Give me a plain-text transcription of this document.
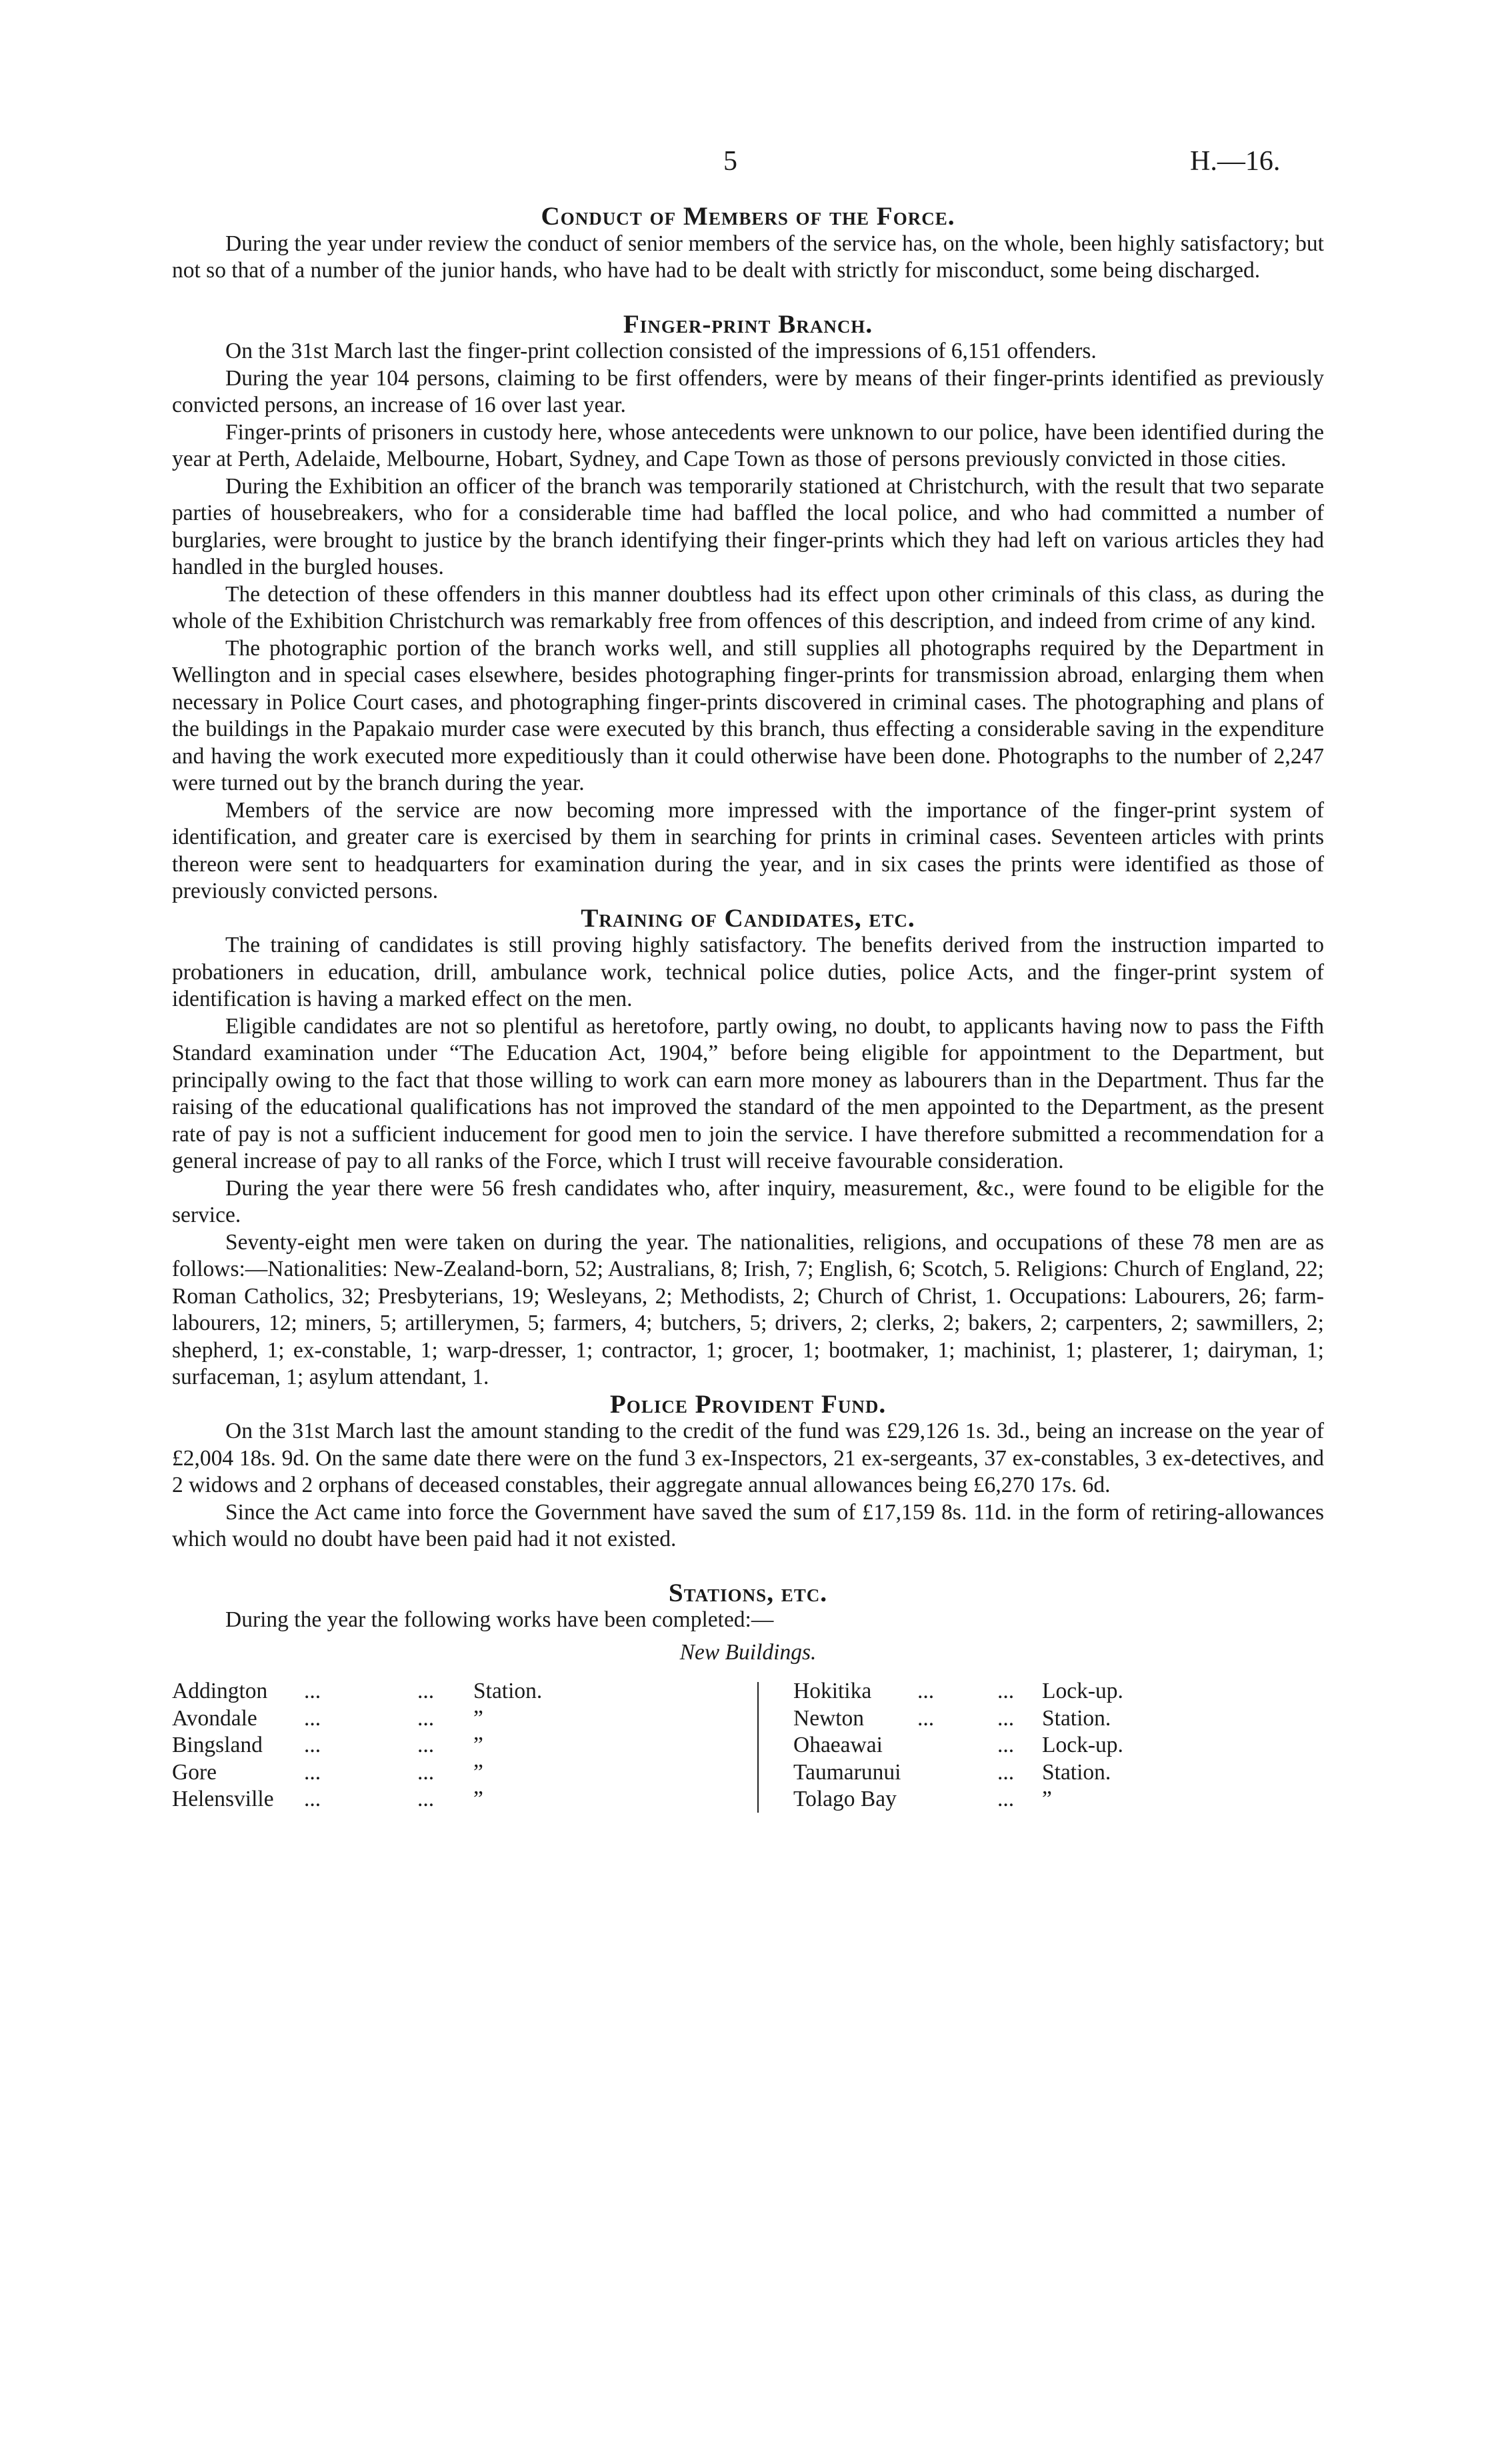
5	H.—16.
Conduct of Members of the Force.

During the year under review the conduct of senior members of the service has, on the whole, been highly satisfactory; but not so that of a number of the junior hands, who have had to be dealt with strictly for misconduct, some being discharged.

Finger-print Branch.

On the 31st March last the finger-print collection consisted of the impressions of 6,151 offenders.

During the year 104 persons, claiming to be first offenders, were by means of their finger-prints identified as previously convicted persons, an increase of 16 over last year.

Finger-prints of prisoners in custody here, whose antecedents were unknown to our police, have been identified during the year at Perth, Adelaide, Melbourne, Hobart, Sydney, and Cape Town as those of persons previously convicted in those cities.

During the Exhibition an officer of the branch was temporarily stationed at Christchurch, with the result that two separate parties of housebreakers, who for a considerable time had baffled the local police, and who had committed a number of burglaries, were brought to justice by the branch identifying their finger-prints which they had left on various articles they had handled in the burgled houses.

The detection of these offenders in this manner doubtless had its effect upon other criminals of this class, as during the whole of the Exhibition Christchurch was remarkably free from offences of this description, and indeed from crime of any kind.

The photographic portion of the branch works well, and still supplies all photographs required by the Department in Wellington and in special cases elsewhere, besides photographing finger-prints for transmission abroad, enlarging them when necessary in Police Court cases, and photographing finger-prints discovered in criminal cases. The photographing and plans of the buildings in the Papakaio murder case were executed by this branch, thus effecting a considerable saving in the expenditure and having the work executed more expeditiously than it could otherwise have been done. Photographs to the number of 2,247 were turned out by the branch during the year.

Members of the service are now becoming more impressed with the importance of the finger-print system of identification, and greater care is exercised by them in searching for prints in criminal cases. Seventeen articles with prints thereon were sent to headquarters for examination during the year, and in six cases the prints were identified as those of previously convicted persons.

Training of Candidates, etc.

The training of candidates is still proving highly satisfactory. The benefits derived from the instruction imparted to probationers in education, drill, ambulance work, technical police duties, police Acts, and the finger-print system of identification is having a marked effect on the men.

Eligible candidates are not so plentiful as heretofore, partly owing, no doubt, to applicants having now to pass the Fifth Standard examination under “The Education Act, 1904,” before being eligible for appointment to the Department, but principally owing to the fact that those willing to work can earn more money as labourers than in the Department. Thus far the raising of the educational qualifications has not improved the standard of the men appointed to the Department, as the present rate of pay is not a sufficient inducement for good men to join the service. I have therefore submitted a recommendation for a general increase of pay to all ranks of the Force, which I trust will receive favourable consideration.

During the year there were 56 fresh candidates who, after inquiry, measurement, &c., were found to be eligible for the service.

Seventy-eight men were taken on during the year. The nationalities, religions, and occupations of these 78 men are as follows:—Nationalities: New-Zealand-born, 52; Australians, 8; Irish, 7; English, 6; Scotch, 5. Religions: Church of England, 22; Roman Catholics, 32; Presbyterians, 19; Wesleyans, 2; Methodists, 2; Church of Christ, 1. Occupations: Labourers, 26; farm-labourers, 12; miners, 5; artillerymen, 5; farmers, 4; butchers, 5; drivers, 2; clerks, 2; bakers, 2; carpenters, 2; sawmillers, 2; shepherd, 1; ex-constable, 1; warp-dresser, 1; contractor, 1; grocer, 1; bootmaker, 1; machinist, 1; plasterer, 1; dairyman, 1; surfaceman, 1; asylum attendant, 1.

Police Provident Fund.

On the 31st March last the amount standing to the credit of the fund was £29,126 1s. 3d., being an increase on the year of £2,004 18s. 9d. On the same date there were on the fund 3 ex-Inspectors, 21 ex-sergeants, 37 ex-constables, 3 ex-detectives, and 2 widows and 2 orphans of deceased constables, their aggregate annual allowances being £6,270 17s. 6d.

Since the Act came into force the Government have saved the sum of £17,159 8s. 11d. in the form of retiring-allowances which would no doubt have been paid had it not existed.

Stations, etc.

During the year the following works have been completed:—

New Buildings.

Addington ...	... Station.
Avondale ...	... ”
Bingsland ...	... ”
Gore	...	... ”
Helensville ...	... ”
Hokitika ...	... Lock-up.
Newton ...	... Station.
Ohaeawai	... Lock-up.
Taumarunui	... Station.
Tolago Bay	... ”
